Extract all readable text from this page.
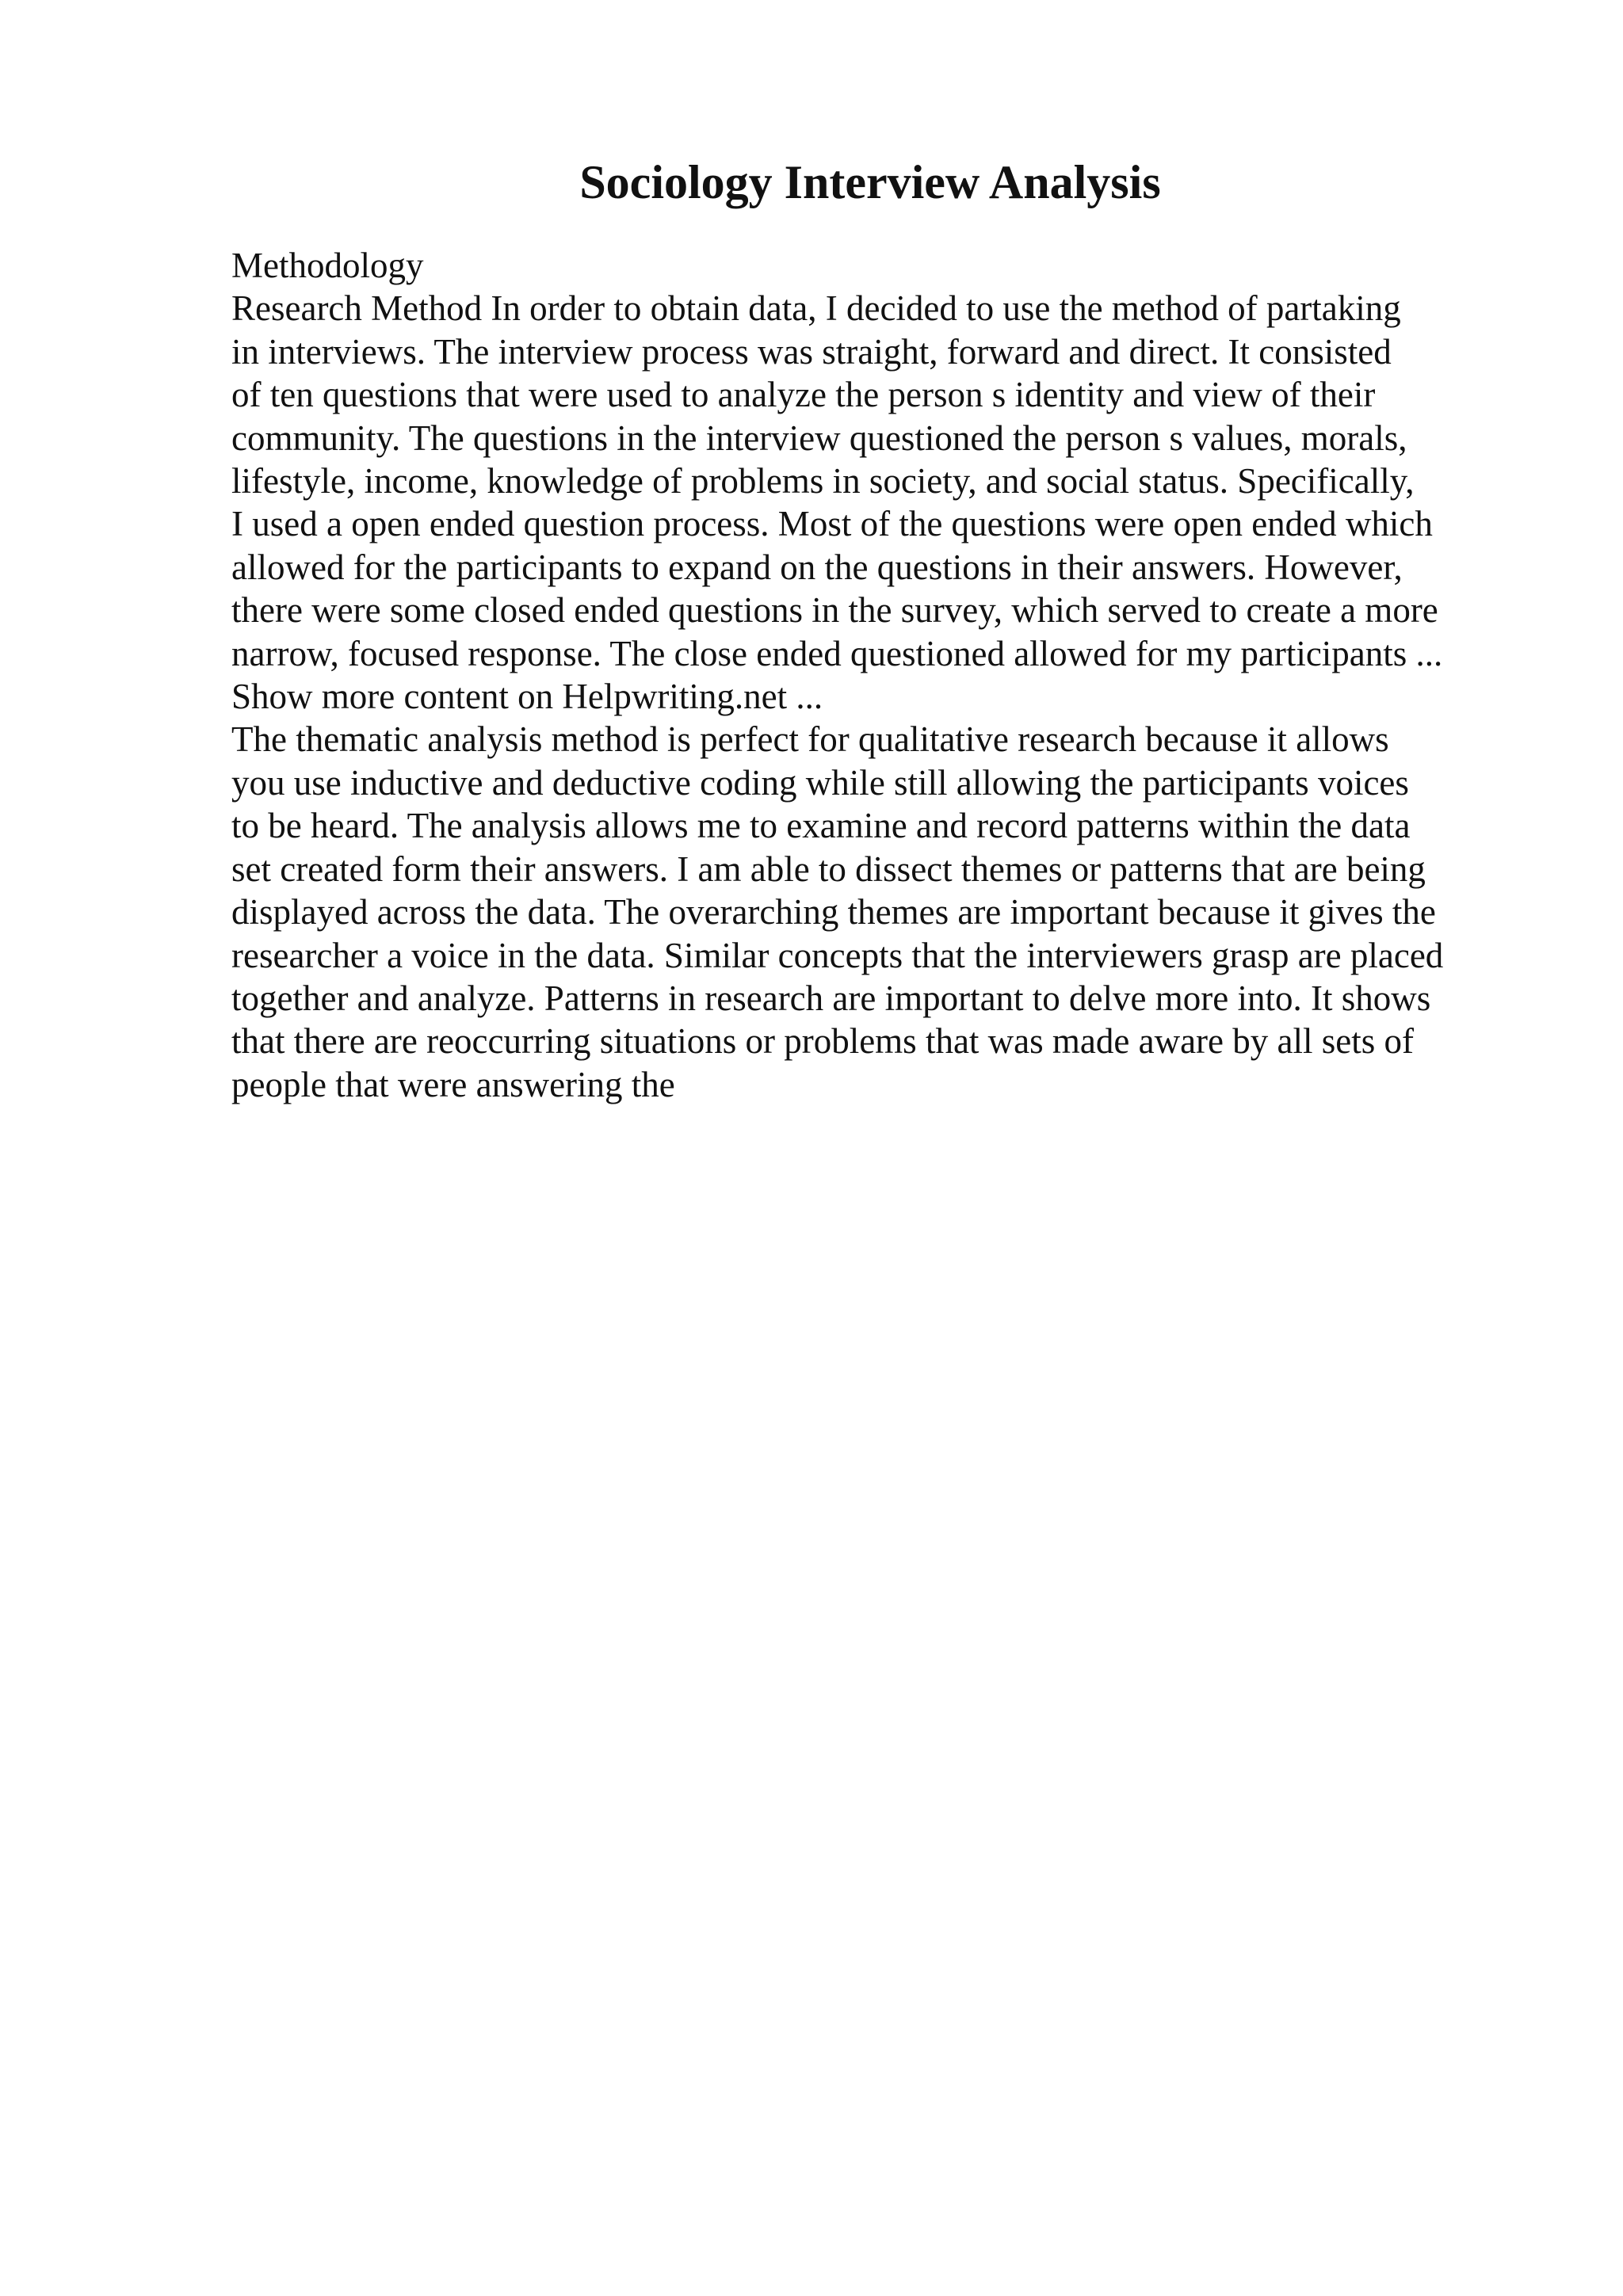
Sociology Interview Analysis
Methodology
Research Method In order to obtain data, I decided to use the method of partaking
in interviews. The interview process was straight, forward and direct. It consisted
of ten questions that were used to analyze the person s identity and view of their
community. The questions in the interview questioned the person s values, morals,
lifestyle, income, knowledge of problems in society, and social status. Specifically,
I used a open ended question process. Most of the questions were open ended which
allowed for the participants to expand on the questions in their answers. However,
there were some closed ended questions in the survey, which served to create a more
narrow, focused response. The close ended questioned allowed for my participants ...
Show more content on Helpwriting.net ...
The thematic analysis method is perfect for qualitative research because it allows
you use inductive and deductive coding while still allowing the participants voices
to be heard. The analysis allows me to examine and record patterns within the data
set created form their answers. I am able to dissect themes or patterns that are being
displayed across the data. The overarching themes are important because it gives the
researcher a voice in the data. Similar concepts that the interviewers grasp are placed
together and analyze. Patterns in research are important to delve more into. It shows
that there are reoccurring situations or problems that was made aware by all sets of
people that were answering the
